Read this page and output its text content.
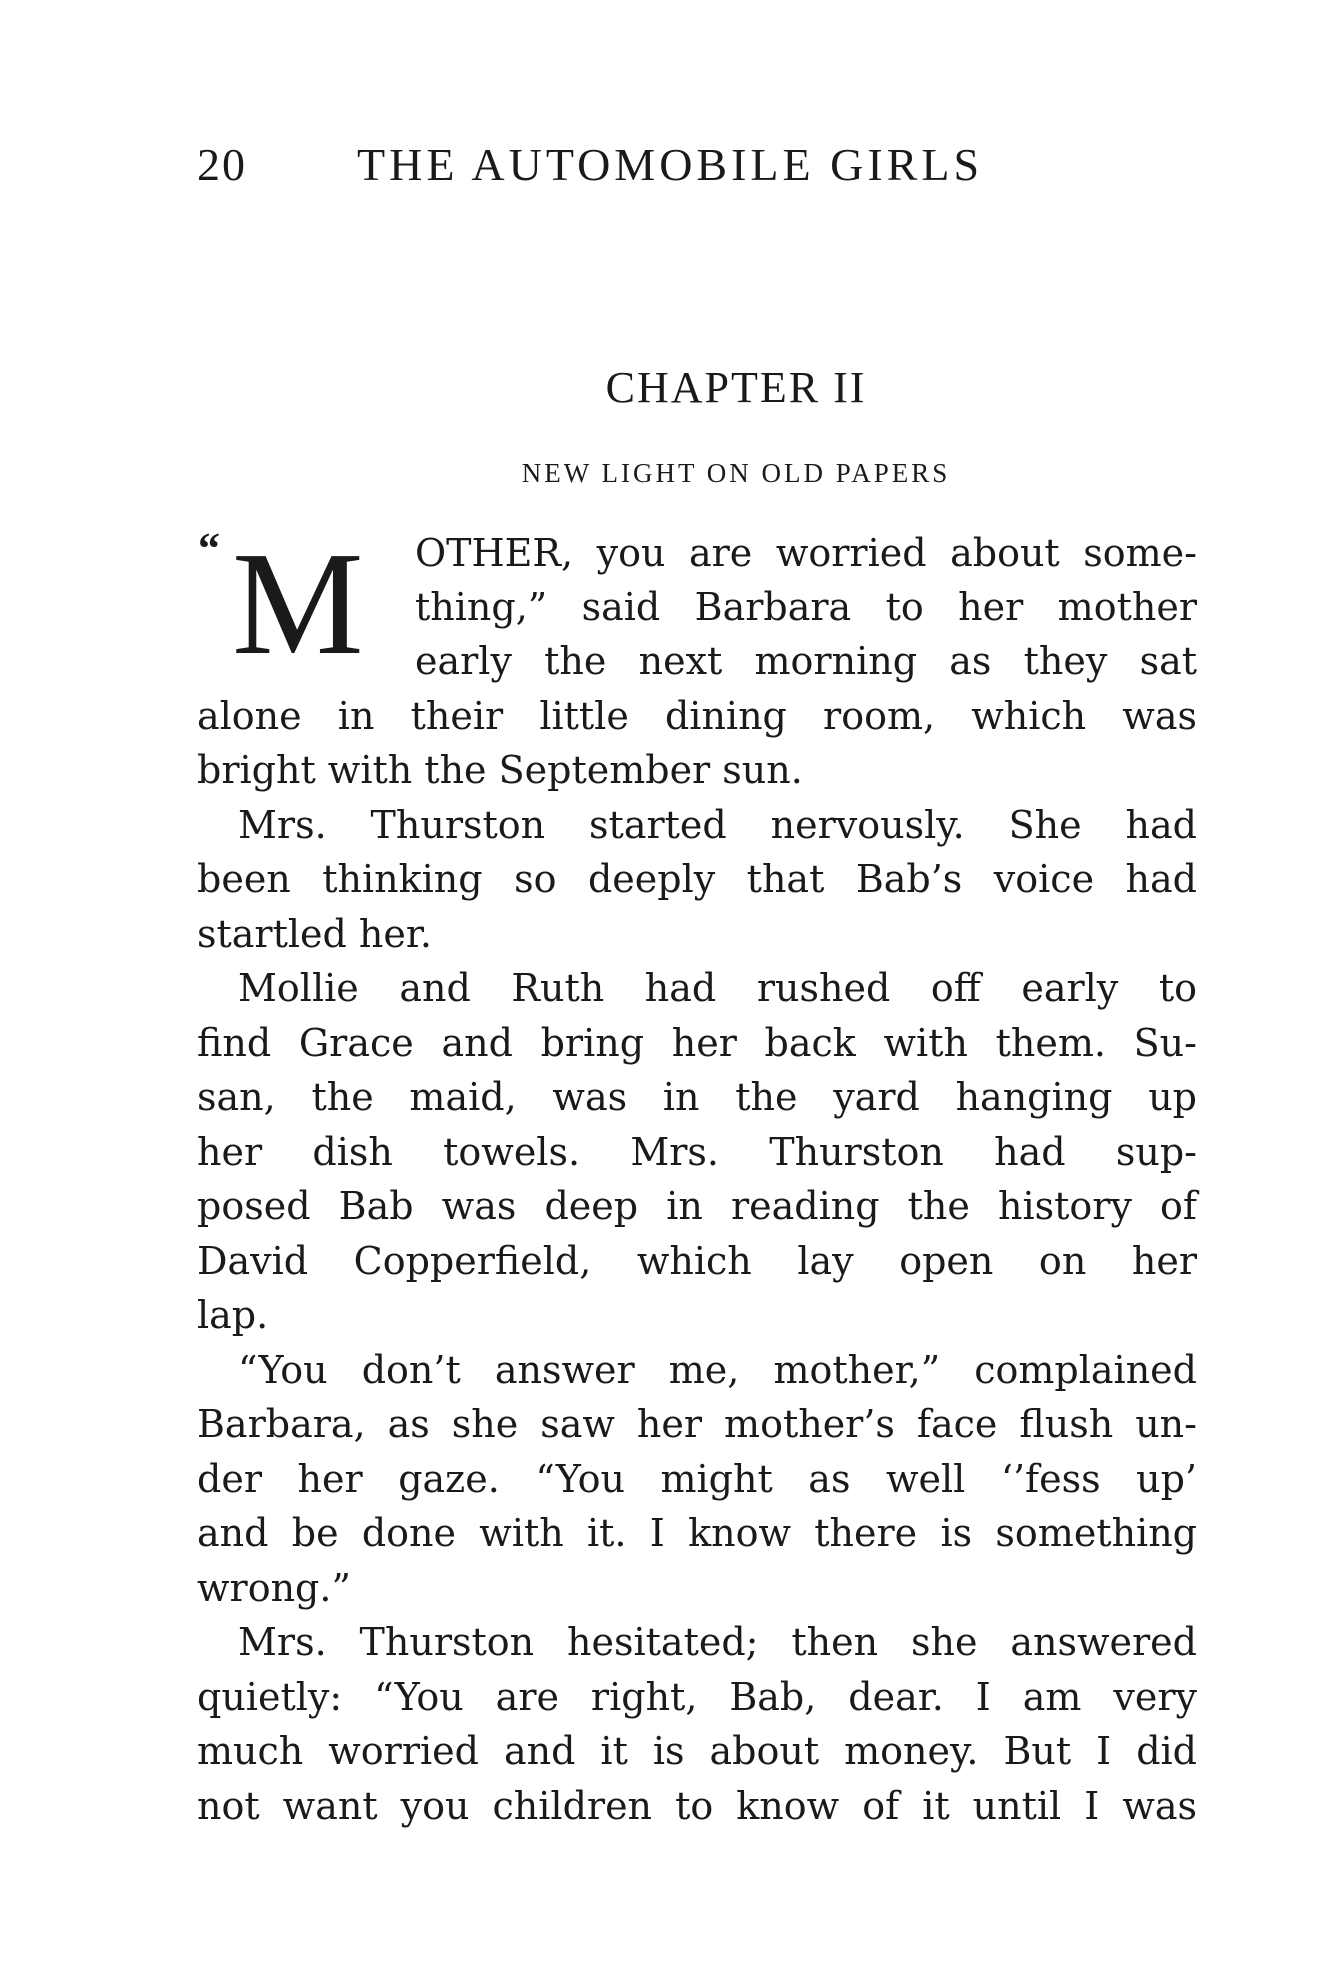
20 THE AUTOMOBILE GIRLS
CHAPTER II
NEW LIGHT ON OLD PAPERS
“ M OTHER, you are worried about some-
thing,” said Barbara to her mother
early the next morning as they sat
alone in their little dining room, which was
bright with the September sun.
Mrs. Thurston started nervously. She had
been thinking so deeply that Bab’s voice had
startled her.
Mollie and Ruth had rushed off early to
find Grace and bring her back with them. Su-
san, the maid, was in the yard hanging up
her dish towels. Mrs. Thurston had sup-
posed Bab was deep in reading the history of
David Copperfield, which lay open on her
lap.
“You don’t answer me, mother,” complained
Barbara, as she saw her mother’s face flush un-
der her gaze. “You might as well ‘’fess up’
and be done with it. I know there is something
wrong.”
Mrs. Thurston hesitated; then she answered
quietly: “You are right, Bab, dear. I am very
much worried and it is about money. But I did
not want you children to know of it until I was
